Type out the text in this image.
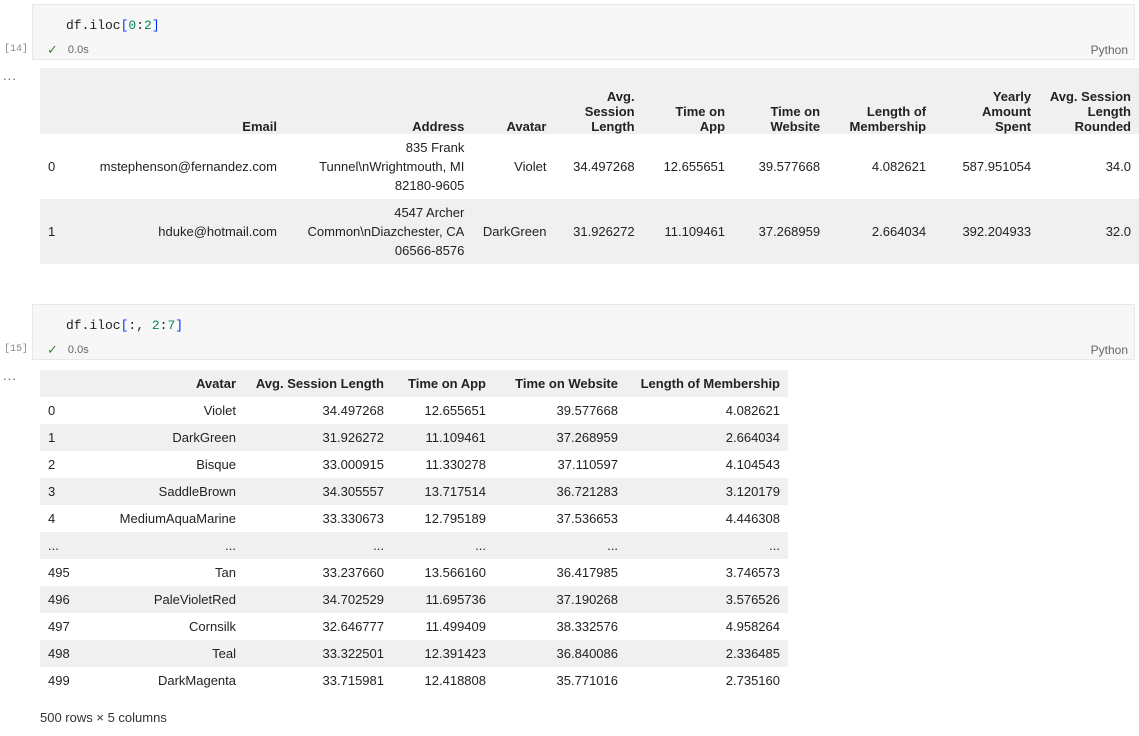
df.iloc[0:2]
✓ 0.0s	Python
[14]
...
	Email	Address	Avatar	Avg.
Session
Length	Time on
App	Time on
Website	Length of
Membership	Yearly
Amount
Spent	Avg. Session
Length
Rounded
0	mstephenson@fernandez.com	835 Frank
Tunnel\nWrightmouth, MI
82180-9605	Violet	34.497268	12.655651	39.577668	4.082621	587.951054	34.0
1	hduke@hotmail.com	4547 Archer
Common\nDiazchester, CA
06566-8576	DarkGreen	31.926272	11.109461	37.268959	2.664034	392.204933	32.0
df.iloc[:, 2:7]
✓ 0.0s	Python
[15]
...
	Avatar	Avg. Session Length	Time on App	Time on Website	Length of Membership
0	Violet	34.497268	12.655651	39.577668	4.082621
1	DarkGreen	31.926272	11.109461	37.268959	2.664034
2	Bisque	33.000915	11.330278	37.110597	4.104543
3	SaddleBrown	34.305557	13.717514	36.721283	3.120179
4	MediumAquaMarine	33.330673	12.795189	37.536653	4.446308
...	...	...	...	...	...
495	Tan	33.237660	13.566160	36.417985	3.746573
496	PaleVioletRed	34.702529	11.695736	37.190268	3.576526
497	Cornsilk	32.646777	11.499409	38.332576	4.958264
498	Teal	33.322501	12.391423	36.840086	2.336485
499	DarkMagenta	33.715981	12.418808	35.771016	2.735160
500 rows × 5 columns
